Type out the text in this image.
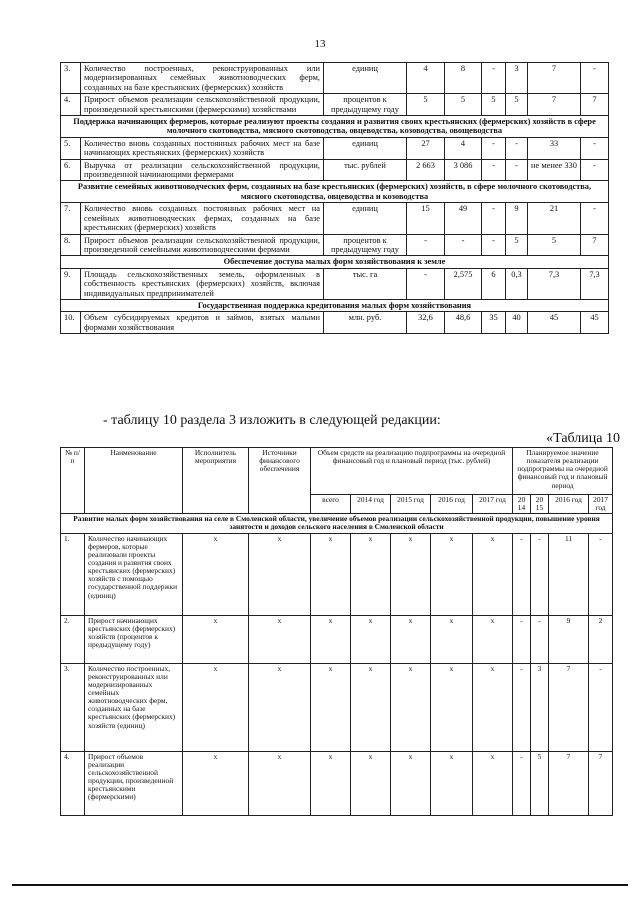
13
3.	Количество построенных, реконструированных или модернизированных семейных животноводческих ферм, созданных на базе крестьянских (фермерских) хозяйств	единиц	4	8	-	3	7	-
4.	Прирост объемов реализации сельскохозяйственной продукции, произведенной крестьянскими (фермерскими) хозяйствами	процентов к предыдущему году	5	5	5	5	7	7
Поддержка начинающих фермеров, которые реализуют проекты создания и развития своих крестьянских (фермерских) хозяйств в сфере молочного скотоводства, мясного скотоводства, овцеводства, козоводства, овощеводства								
5.	Количество вновь созданных постоянных рабочих мест на базе начинающих крестьянских (фермерских) хозяйств	единиц	27	4	-	-	33	-
6.	Выручка от реализации сельскохозяйственной продукции, произведенной начинающими фермерами	тыс. рублей	2 663	3 086	-	-	не менее 330	-
Развитие семейных животноводческих ферм, созданных на базе крестьянских (фермерских) хозяйств, в сфере молочного скотоводства, мясного скотоводства, овцеводства и козоводства								
7.	Количество вновь созданных постоянных рабочих мест на семейных животноводческих фермах, созданных на базе крестьянских (фермерских) хозяйств	единиц	15	49	-	9	21	-
8.	Прирост объемов реализации сельскохозяйственной продукции, произведенной семейными животноводческими фермами	процентов к предыдущему году	-	-	-	5	5	7
Обеспечение доступа малых форм хозяйствования к земле								
9.	Площадь сельскохозяйственных земель, оформленных в собственность крестьянских (фермерских) хозяйств, включая индивидуальных предпринимателей	тыс. га	-	2,575	6	0,3	7,3	7,3
Государственная поддержка кредитования малых форм хозяйствования								
10.	Объем субсидируемых кредитов и займов, взятых малыми формами хозяйствования	млн. руб.	32,6	48,6	35	40	45	45
- таблицу 10 раздела 3 изложить в следующей редакции:
«Таблица 10
№ п/п	Наименование	Исполнитель мероприятия	Источники финансового обеспечения	Объем средств на реализацию подпрограммы на очередной финансовый год и плановый период (тыс. рублей)					Планируемое значение показателя реализации подпрограммы на очередной финансовый год и плановый период			
				всего	2014 год	2015 год	2016 год	2017 год	2014	2015	2016 год	2017 год
Развитие малых форм хозяйствования на селе в Смоленской области, увеличение объемов реализации сельскохозяйственной продукции, повышение уровня занятости и доходов сельского населения в Смоленской области												
1.	Количество начинающих фермеров, которые реализовали проекты создания и развития своих крестьянских (фермерских) хозяйств с помощью государственной поддержки (единиц)	х	х	х	х	х	х	х	-	-	11	-
2.	Прирост начинающих крестьянских (фермерских) хозяйств (процентов к предыдущему году)	х	х	х	х	х	х	х	-	-	9	2
3.	Количество построенных, реконструированных или модернизированных семейных животноводческих ферм, созданных на базе крестьянских (фермерских) хозяйств (единиц)	х	х	х	х	х	х	х	-	3	7	-
4.	Прирост объемов реализации сельскохозяйственной продукции, произведенной крестьянскими (фермерскими)	х	х	х	х	х	х	х	-	5	7	7
